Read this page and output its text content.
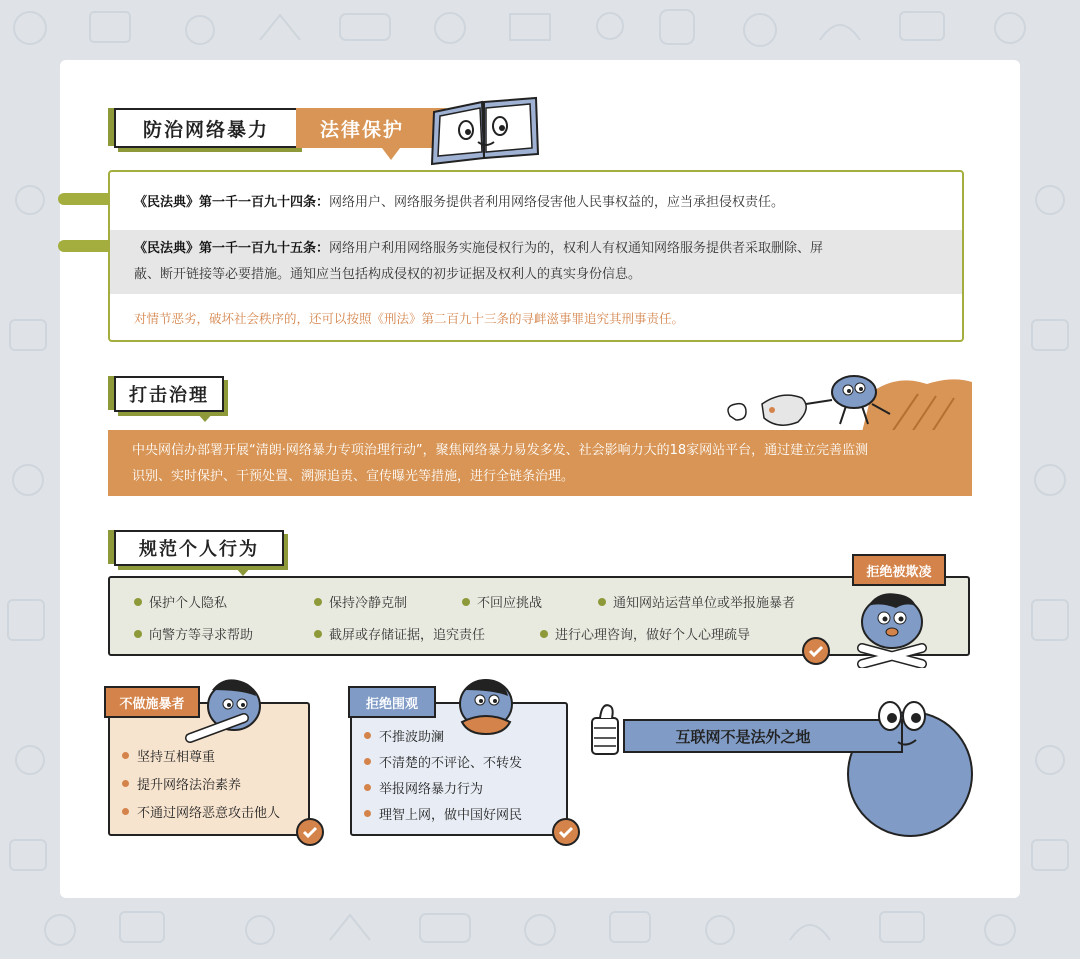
防治网络暴力	法律保护
《民法典》第一千一百九十四条：网络用户、网络服务提供者利用网络侵害他人民事权益的，应当承担侵权责任。
《民法典》第一千一百九十五条：网络用户利用网络服务实施侵权行为的，权利人有权通知网络服务提供者采取删除、屏
蔽、断开链接等必要措施。通知应当包括构成侵权的初步证据及权利人的真实身份信息。
对情节恶劣，破坏社会秩序的，还可以按照《刑法》第二百九十三条的寻衅滋事罪追究其刑事责任。
打击治理
中央网信办部署开展“清朗·网络暴力专项治理行动”，聚焦网络暴力易发多发、社会影响力大的18家网站平台，通过建立完善监测
识别、实时保护、干预处置、溯源追责、宣传曝光等措施，进行全链条治理。
规范个人行为
保护个人隐私	保持冷静克制	不回应挑战	通知网站运营单位或举报施暴者
向警方等寻求帮助	截屏或存储证据，追究责任	进行心理咨询，做好个人心理疏导
拒绝被欺凌
坚持互相尊重
提升网络法治素养
不通过网络恶意攻击他人
不做施暴者
不推波助澜
不清楚的不评论、不转发
举报网络暴力行为
理智上网，做中国好网民
拒绝围观
互联网不是法外之地
